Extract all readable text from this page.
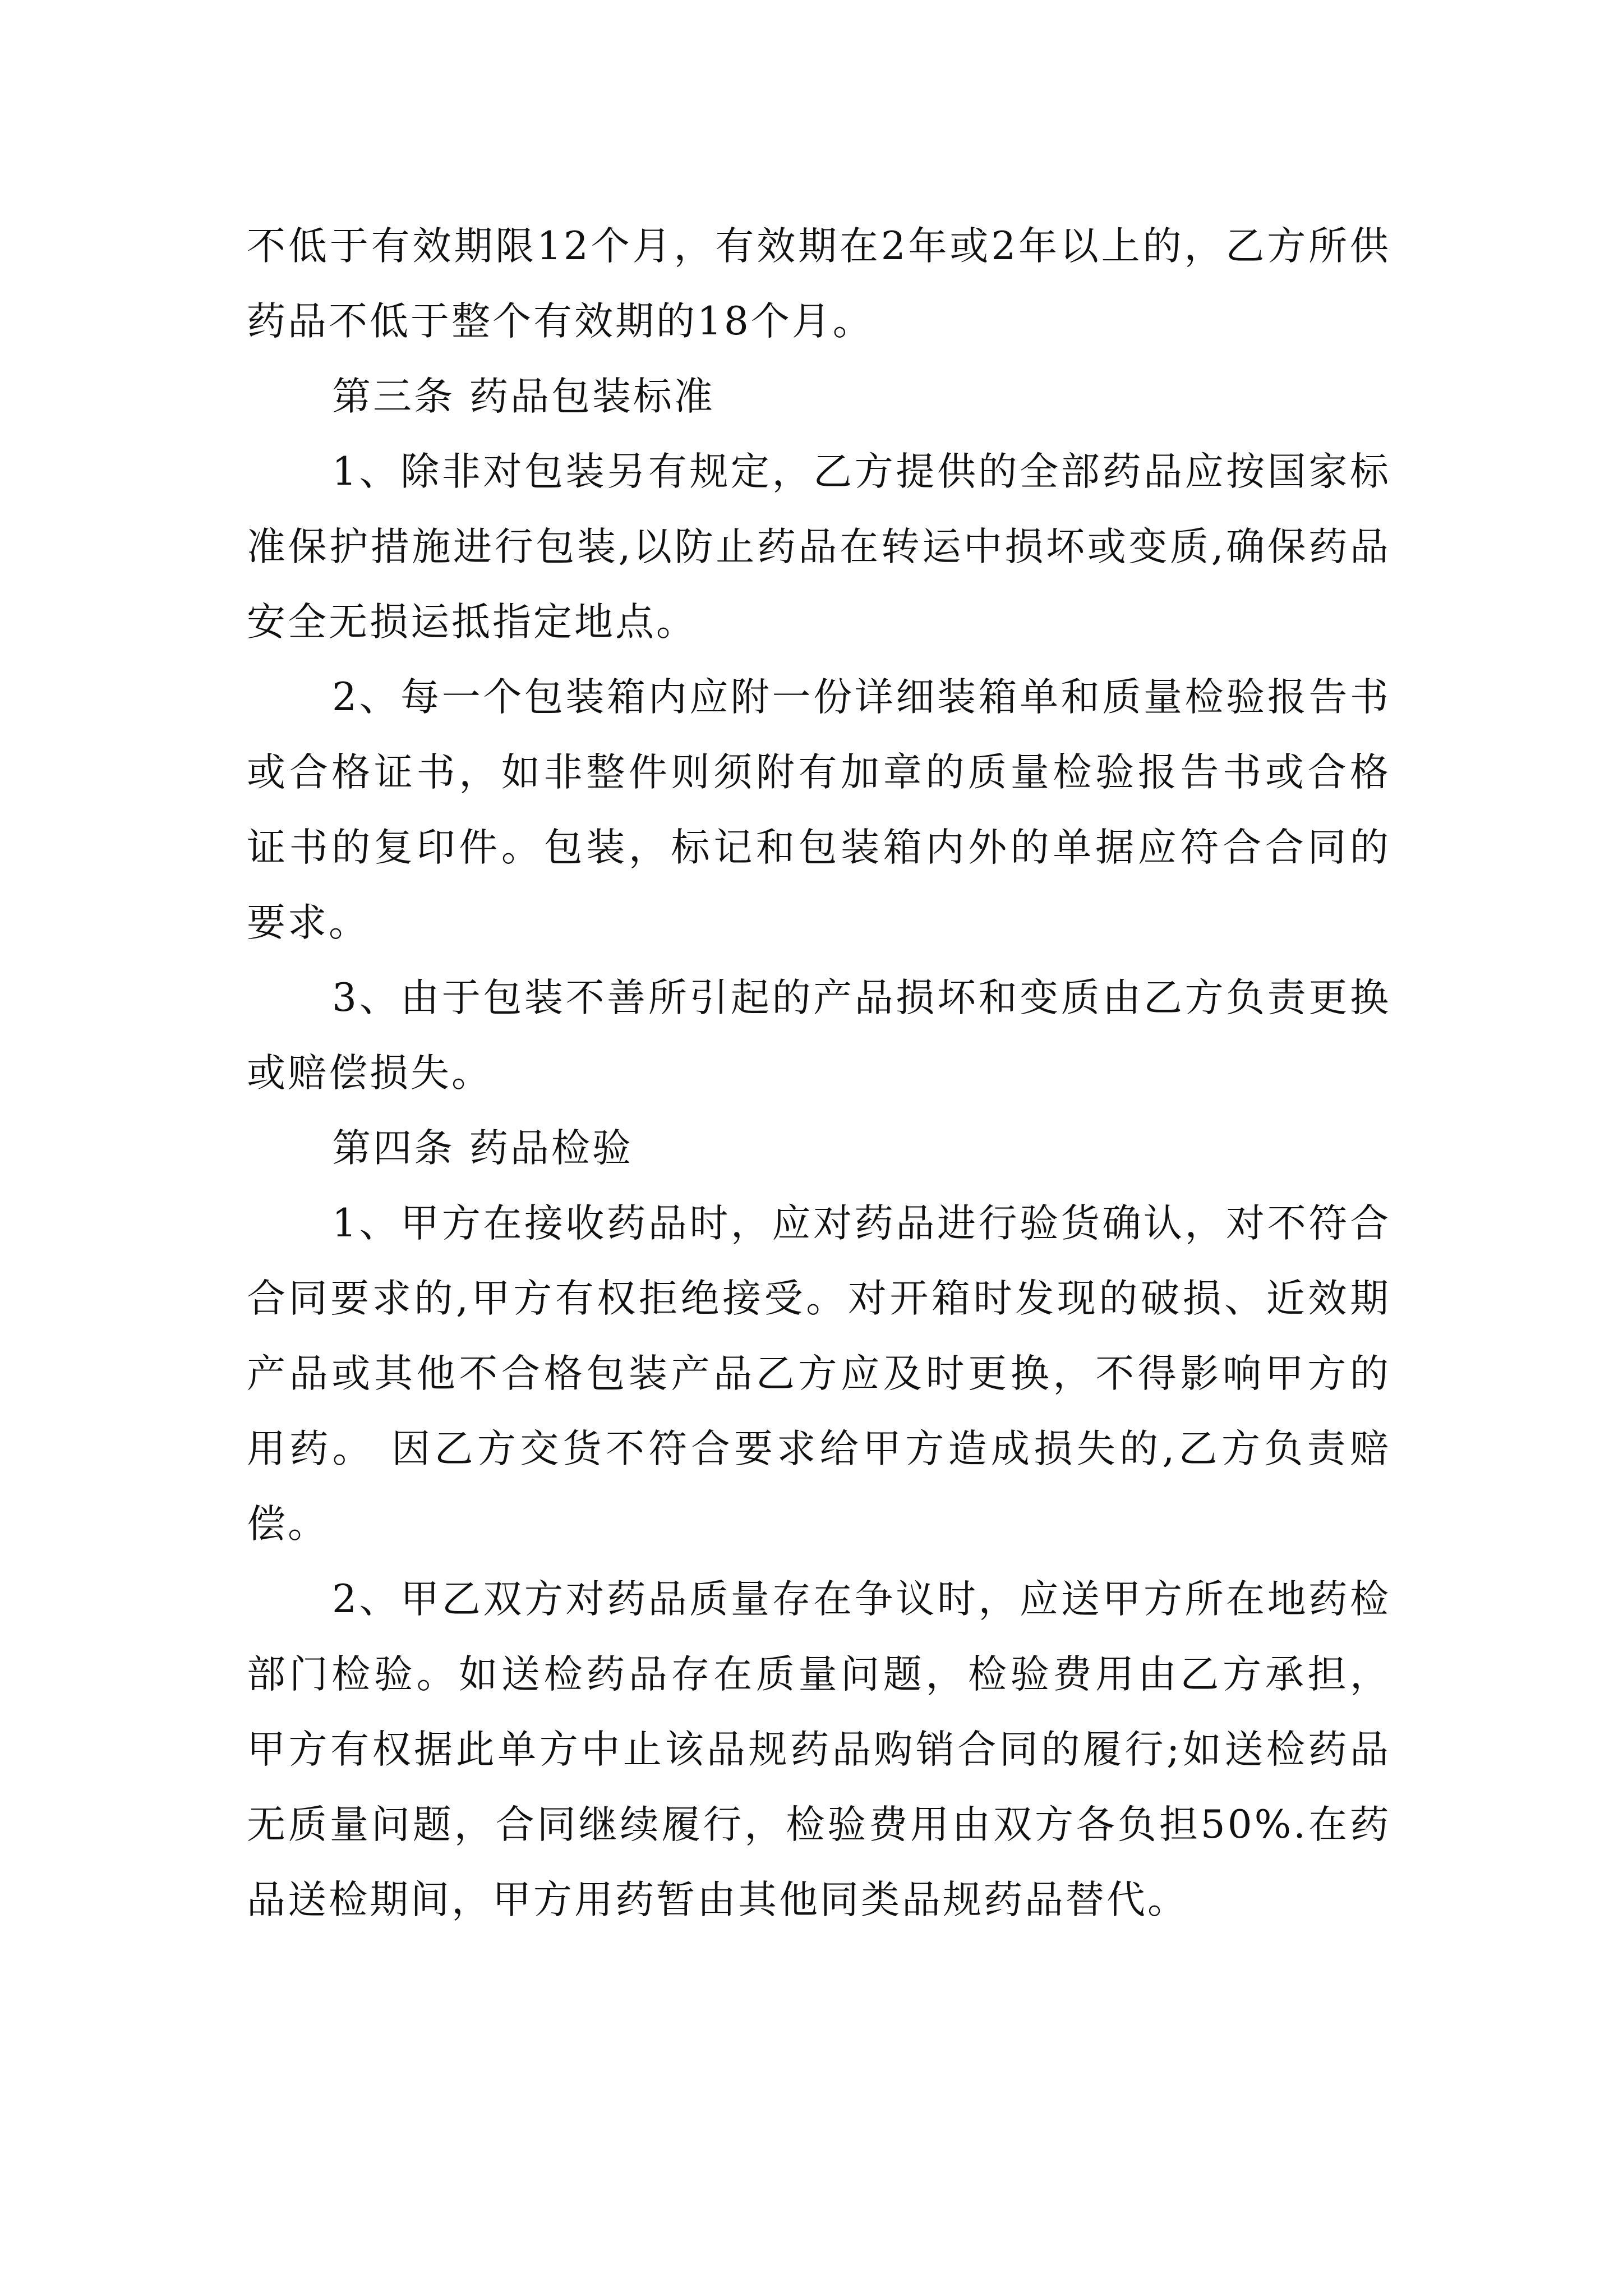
不低于有效期限12个月，有效期在2年或2年以上的，乙方所供药品不低于整个有效期的18个月。

第三条 药品包装标准

1、除非对包装另有规定，乙方提供的全部药品应按国家标准保护措施进行包装,以防止药品在转运中损坏或变质,确保药品安全无损运抵指定地点。

2、每一个包装箱内应附一份详细装箱单和质量检验报告书或合格证书，如非整件则须附有加章的质量检验报告书或合格证书的复印件。包装，标记和包装箱内外的单据应符合合同的要求。

3、由于包装不善所引起的产品损坏和变质由乙方负责更换或赔偿损失。

第四条 药品检验

1、甲方在接收药品时，应对药品进行验货确认，对不符合合同要求的,甲方有权拒绝接受。对开箱时发现的破损、近效期产品或其他不合格包装产品乙方应及时更换，不得影响甲方的用药。 因乙方交货不符合要求给甲方造成损失的,乙方负责赔偿。

2、甲乙双方对药品质量存在争议时，应送甲方所在地药检部门检验。如送检药品存在质量问题，检验费用由乙方承担，甲方有权据此单方中止该品规药品购销合同的履行;如送检药品无质量问题，合同继续履行，检验费用由双方各负担50%.在药品送检期间，甲方用药暂由其他同类品规药品替代。
